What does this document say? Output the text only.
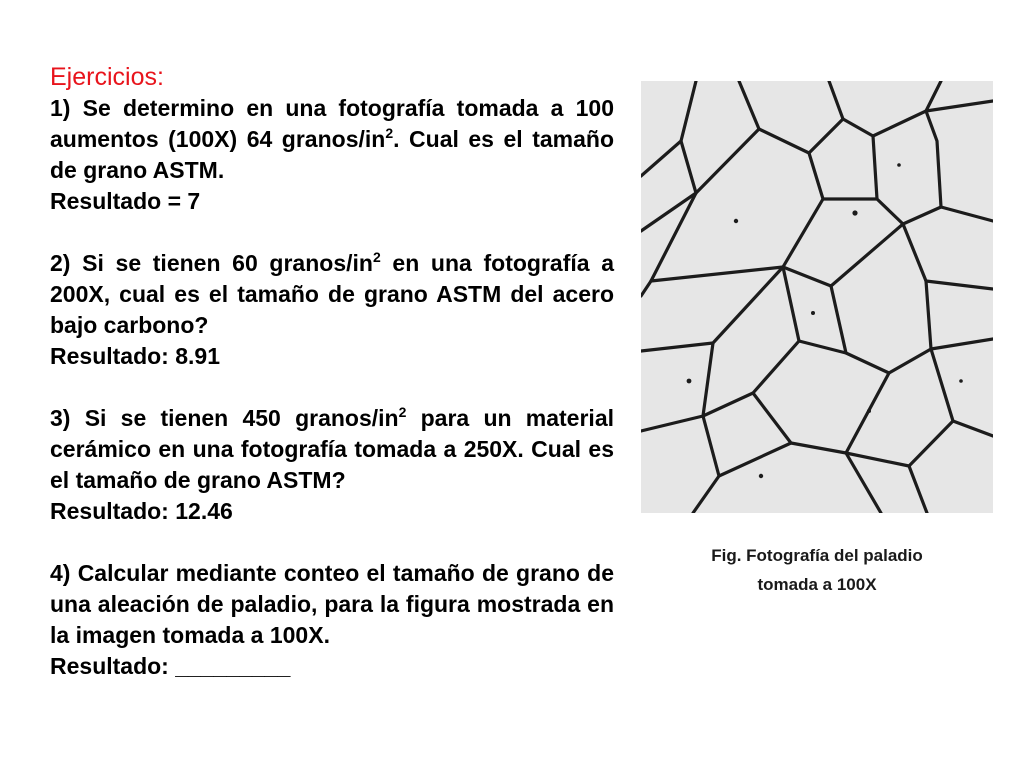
Ejercicios:

1) Se determino en una fotografía tomada a 100 aumentos (100X) 64 granos/$in^2$. Cual es el tamaño de grano ASTM.

Resultado = 7

2) Si se tienen 60 granos/$in^2$ en una fotografía a 200X, cual es el tamaño de grano ASTM del acero bajo carbono?

Resultado: 8.91

3) Si se tienen 450 granos/$in^2$ para un material cerámico en una fotografía tomada a 250X. Cual es el tamaño de grano ASTM?

Resultado: 12.46

4) Calcular mediante conteo el tamaño de grano de una aleación de paladio, para la figura mostrada en la imagen tomada a 100X.

Resultado: _________

Fig. Fotografía del paladio
tomada a 100X
